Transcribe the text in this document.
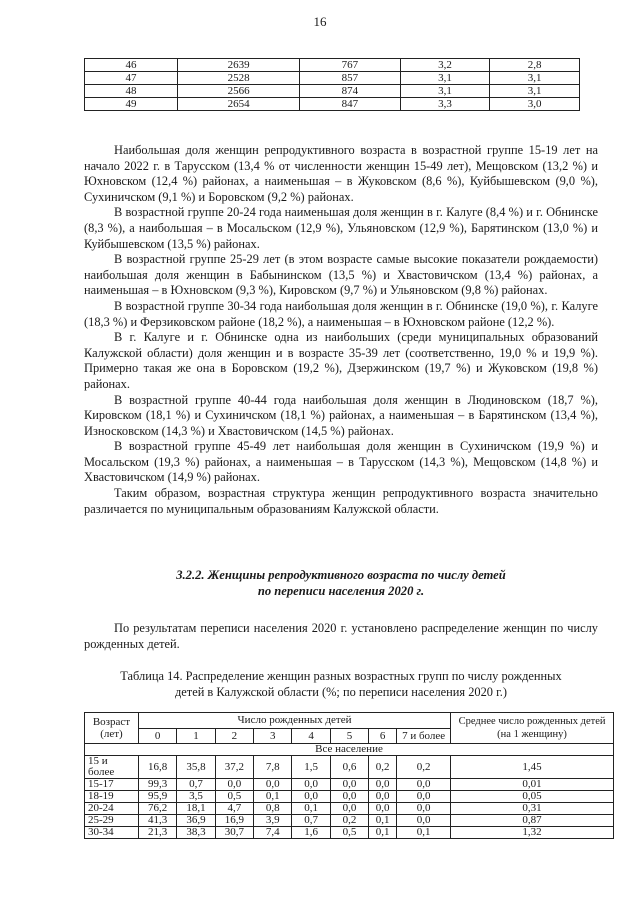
16
46	2639	767	3,2	2,8
47	2528	857	3,1	3,1
48	2566	874	3,1	3,1
49	2654	847	3,3	3,0

Наибольшая доля женщин репродуктивного возраста в возрастной группе 15-19 лет на начало 2022 г. в Тарусском (13,4 % от численности женщин 15-49 лет), Мещовском (13,2 %) и Юхновском (12,4 %) районах, а наименьшая – в Жуковском (8,6 %), Куйбышевском (9,0 %), Сухиничском (9,1 %) и Боровском (9,2 %) районах.

В возрастной группе 20-24 года наименьшая доля женщин в г. Калуге (8,4 %) и г. Обнинске (8,3 %), а наибольшая – в Мосальском (12,9 %), Ульяновском (12,9 %), Барятинском (13,0 %) и Куйбышевском (13,5 %) районах.

В возрастной группе 25-29 лет (в этом возрасте самые высокие показатели рождаемости) наибольшая доля женщин в Бабынинском (13,5 %) и Хвастовичском (13,4 %) районах, а наименьшая – в Юхновском (9,3 %), Кировском (9,7 %) и Ульяновском (9,8 %) районах.

В возрастной группе 30-34 года наибольшая доля женщин в г. Обнинске (19,0 %), г. Калуге (18,3 %) и Ферзиковском районе (18,2 %), а наименьшая – в Юхновском районе (12,2 %).

В г. Калуге и г. Обнинске одна из наибольших (среди муниципальных образований Калужской области) доля женщин и в возрасте 35-39 лет (соответственно, 19,0 % и 19,9 %). Примерно такая же она в Боровском (19,2 %), Дзержинском (19,7 %) и Жуковском (19,8 %) районах.

В возрастной группе 40-44 года наибольшая доля женщин в Людиновском (18,7 %), Кировском (18,1 %) и Сухиничском (18,1 %) районах, а наименьшая – в Барятинском (13,4 %), Износковском (14,3 %) и Хвастовичском (14,5 %) районах.

В возрастной группе 45-49 лет наибольшая доля женщин в Сухиничском (19,9 %) и Мосальском (19,3 %) районах, а наименьшая – в Тарусском (14,3 %), Мещовском (14,8 %) и Хвастовичском (14,9 %) районах.

Таким образом, возрастная структура женщин репродуктивного возраста значительно различается по муниципальным образованиям Калужской области.

3.2.2. Женщины репродуктивного возраста по числу детей
по переписи населения 2020 г.
По результатам переписи населения 2020 г. установлено распределение женщин по числу рожденных детей.
Таблица 14. Распределение женщин разных возрастных групп по числу рожденных
детей в Калужской области (%; по переписи населения 2020 г.)
Возраст (лет)	Число рожденных детей								Среднее число рожденных детей (на 1 женщину)
	0	1	2	3	4	5	6	7 и более	
Все население									
15 и более	16,8	35,8	37,2	7,8	1,5	0,6	0,2	0,2	1,45
15-17	99,3	0,7	0,0	0,0	0,0	0,0	0,0	0,0	0,01
18-19	95,9	3,5	0,5	0,1	0,0	0,0	0,0	0,0	0,05
20-24	76,2	18,1	4,7	0,8	0,1	0,0	0,0	0,0	0,31
25-29	41,3	36,9	16,9	3,9	0,7	0,2	0,1	0,0	0,87
30-34	21,3	38,3	30,7	7,4	1,6	0,5	0,1	0,1	1,32
